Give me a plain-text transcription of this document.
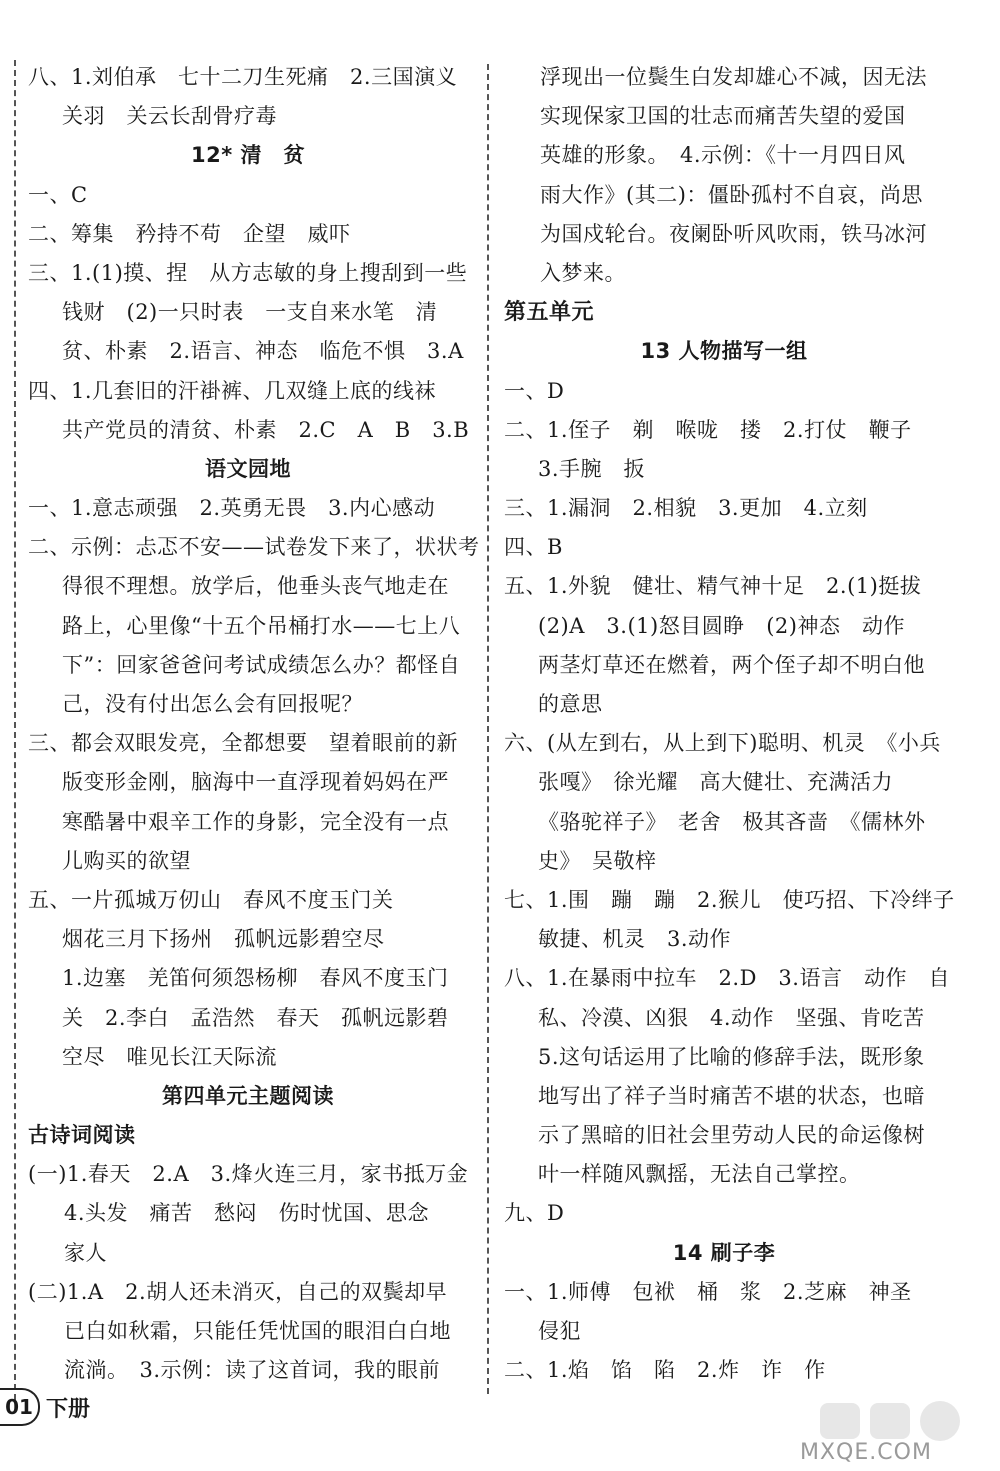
八、1.刘伯承　七十二刀生死痛　2.三国演义
关羽　关云长刮骨疗毒
12* 清　贫
一、C
二、筹集　矜持不苟　企望　威吓
三、1.(1)摸、捏　从方志敏的身上搜刮到一些
钱财　(2)一只时表　一支自来水笔　清
贫、朴素　2.语言、神态　临危不惧　3.A
四、1.几套旧的汗褂裤、几双缝上底的线袜
共产党员的清贫、朴素　2.C　A　B　3.B
语文园地
一、1.意志顽强　2.英勇无畏　3.内心感动
二、示例：忐忑不安——试卷发下来了，状状考
得很不理想。放学后，他垂头丧气地走在
路上，心里像“十五个吊桶打水——七上八
下”：回家爸爸问考试成绩怎么办？都怪自
己，没有付出怎么会有回报呢？
三、都会双眼发亮，全都想要　望着眼前的新
版变形金刚，脑海中一直浮现着妈妈在严
寒酷暑中艰辛工作的身影，完全没有一点
儿购买的欲望
五、一片孤城万仞山　春风不度玉门关
烟花三月下扬州　孤帆远影碧空尽
1.边塞　羌笛何须怨杨柳　春风不度玉门
关　2.李白　孟浩然　春天　孤帆远影碧
空尽　唯见长江天际流
第四单元主题阅读
古诗词阅读
(一)1.春天　2.A　3.烽火连三月，家书抵万金
4.头发　痛苦　愁闷　伤时忧国、思念
家人
(二)1.A　2.胡人还未消灭，自己的双鬓却早
已白如秋霜，只能任凭忧国的眼泪白白地
流淌。　3.示例：读了这首词，我的眼前
浮现出一位鬓生白发却雄心不减，因无法
实现保家卫国的壮志而痛苦失望的爱国
英雄的形象。　4.示例：《十一月四日风
雨大作》(其二)：僵卧孤村不自哀，尚思
为国戍轮台。夜阑卧听风吹雨，铁马冰河
入梦来。
第五单元
13 人物描写一组
一、D
二、1.侄子　剃　喉咙　搂　2.打仗　鞭子
3.手腕　扳
三、1.漏洞　2.相貌　3.更加　4.立刻
四、B
五、1.外貌　健壮、精气神十足　2.(1)挺拔
(2)A　3.(1)怒目圆睁　(2)神态　动作
两茎灯草还在燃着，两个侄子却不明白他
的意思
六、(从左到右，从上到下)聪明、机灵　《小兵
张嘎》　徐光耀　高大健壮、充满活力
《骆驼祥子》　老舍　极其吝啬　《儒林外
史》　吴敬梓
七、1.围　蹦　蹦　2.猴儿　使巧招、下冷绊子
敏捷、机灵　3.动作
八、1.在暴雨中拉车　2.D　3.语言　动作　自
私、冷漠、凶狠　4.动作　坚强、肯吃苦
5.这句话运用了比喻的修辞手法，既形象
地写出了祥子当时痛苦不堪的状态，也暗
示了黑暗的旧社会里劳动人民的命运像树
叶一样随风飘摇，无法自己掌控。
九、D
14 刷子李
一、1.师傅　包袱　桶　浆　2.芝麻　神圣
侵犯
二、1.焰　馅　陷　2.炸　诈　作
01 下册
MXQE.COM
